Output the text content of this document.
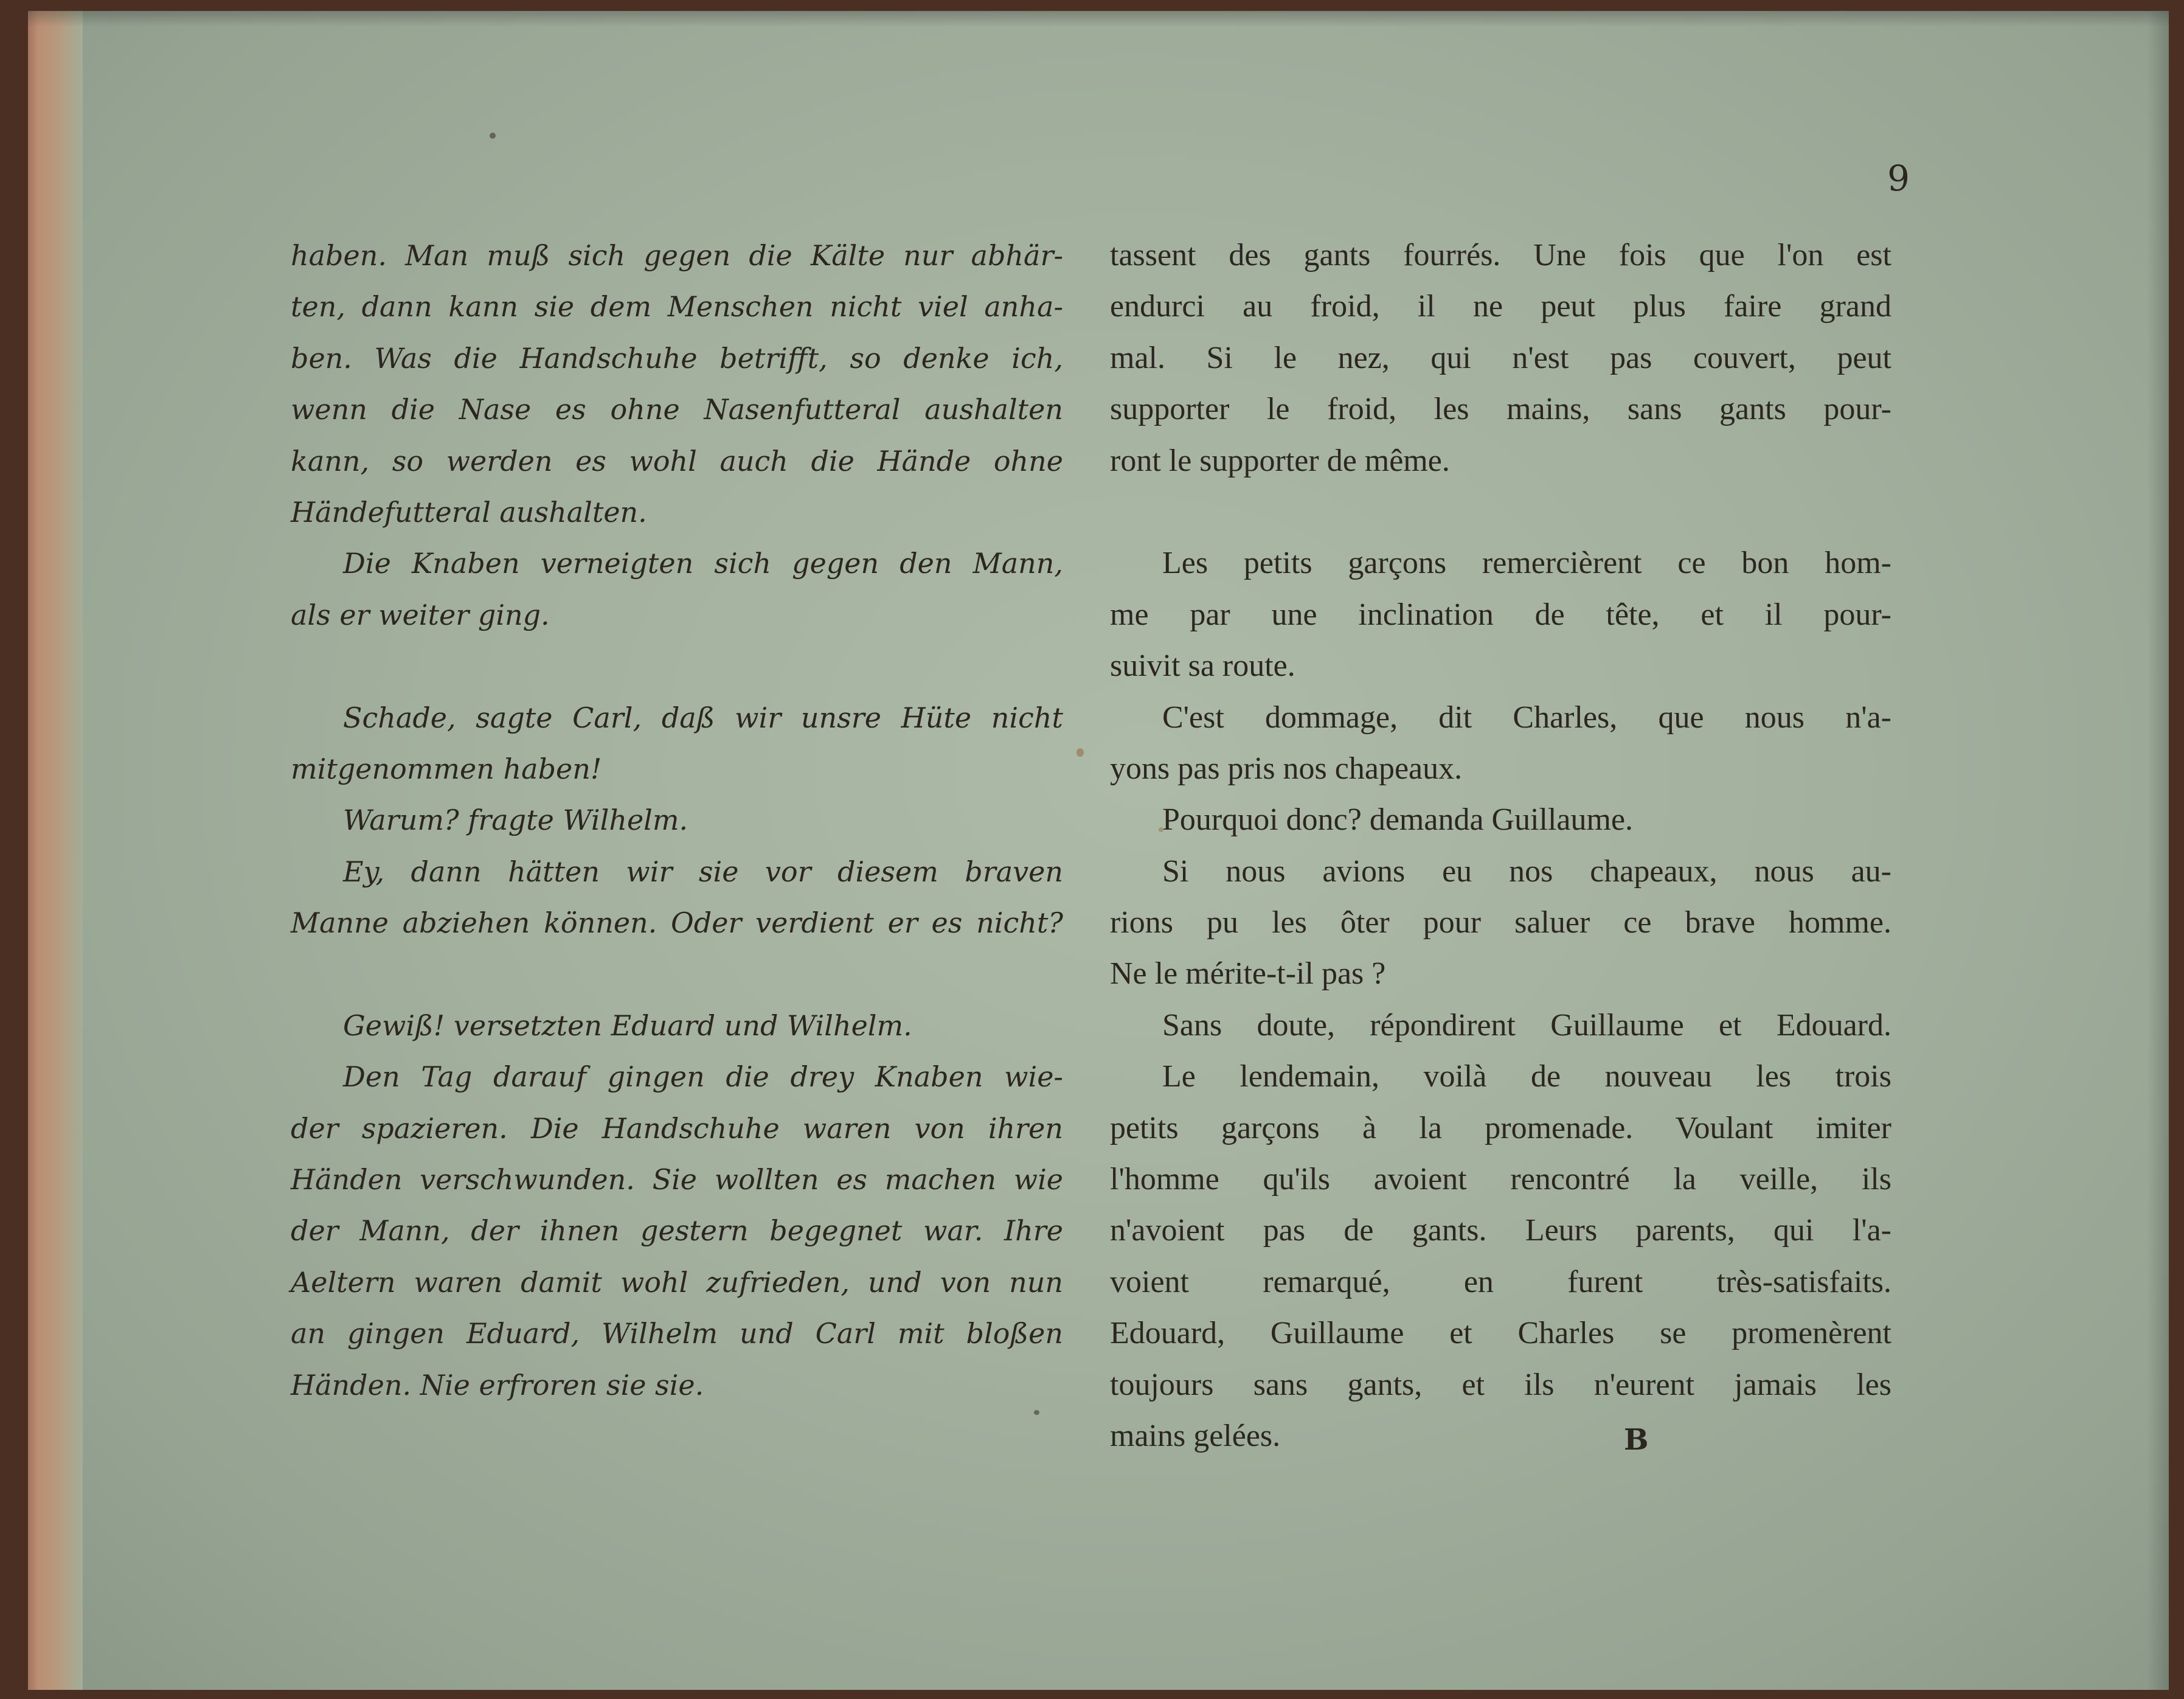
9
haben. Man muß sich gegen die Kälte nur abhär-
ten, dann kann sie dem Menschen nicht viel anha-
ben. Was die Handschuhe betrifft, so denke ich,
wenn die Nase es ohne Nasenfutteral aushalten
kann, so werden es wohl auch die Hände ohne
Händefutteral aushalten.
Die Knaben verneigten sich gegen den Mann,
als er weiter ging.
Schade, sagte Carl, daß wir unsre Hüte nicht
mitgenommen haben!
Warum? fragte Wilhelm.
Ey, dann hätten wir sie vor diesem braven
Manne abziehen können. Oder verdient er es nicht?
Gewiß! versetzten Eduard und Wilhelm.
Den Tag darauf gingen die drey Knaben wie-
der spazieren. Die Handschuhe waren von ihren
Händen verschwunden. Sie wollten es machen wie
der Mann, der ihnen gestern begegnet war. Ihre
Aeltern waren damit wohl zufrieden, und von nun
an gingen Eduard, Wilhelm und Carl mit bloßen
Händen. Nie erfroren sie sie.
tassent des gants fourrés. Une fois que l'on est
endurci au froid, il ne peut plus faire grand
mal. Si le nez, qui n'est pas couvert, peut
supporter le froid, les mains, sans gants pour-
ront le supporter de même.
Les petits garçons remercièrent ce bon hom-
me par une inclination de tête, et il pour-
suivit sa route.
C'est dommage, dit Charles, que nous n'a-
yons pas pris nos chapeaux.
Pourquoi donc? demanda Guillaume.
Si nous avions eu nos chapeaux, nous au-
rions pu les ôter pour saluer ce brave homme.
Ne le mérite-t-il pas ?
Sans doute, répondirent Guillaume et Edouard.
Le lendemain, voilà de nouveau les trois
petits garçons à la promenade. Voulant imiter
l'homme qu'ils avoient rencontré la veille, ils
n'avoient pas de gants. Leurs parents, qui l'a-
voient remarqué, en furent très-satisfaits.
Edouard, Guillaume et Charles se promenèrent
toujours sans gants, et ils n'eurent jamais les
mains gelées.	B
